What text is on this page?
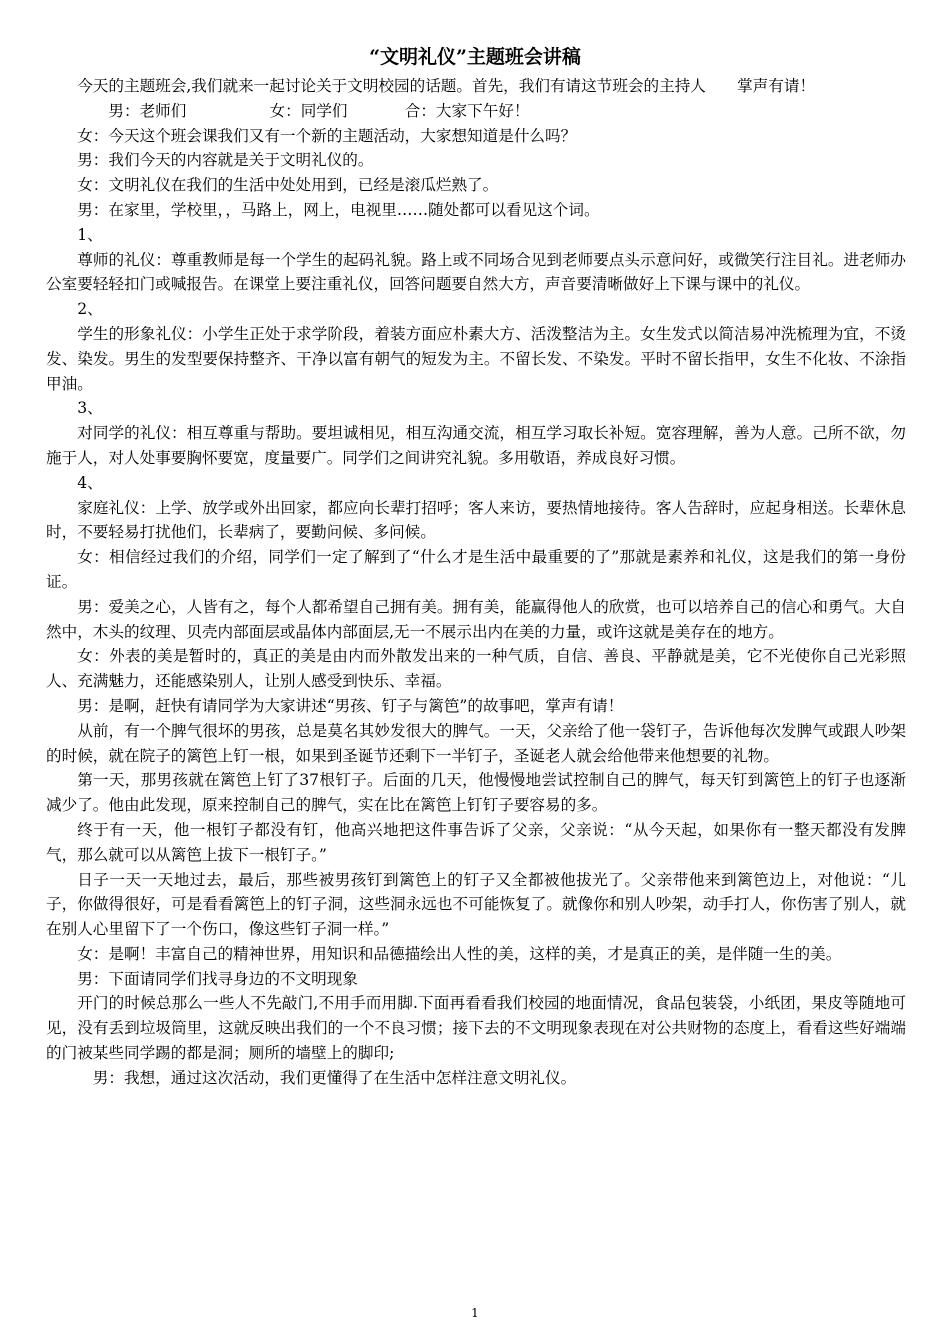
“文明礼仪”主题班会讲稿

今天的主题班会,我们就来一起讨论关于文明校园的话题。首先，我们有请这节班会的主持人　　掌声有请！

男：老师们	女：同学们	合：大家下午好！

女：今天这个班会课我们又有一个新的主题活动，大家想知道是什么吗？

男：我们今天的内容就是关于文明礼仪的。

女：文明礼仪在我们的生活中处处用到，已经是滚瓜烂熟了。

男：在家里，学校里，，马路上，网上，电视里……随处都可以看见这个词。

1、

尊师的礼仪：尊重教师是每一个学生的起码礼貌。路上或不同场合见到老师要点头示意问好，或微笑行注目礼。进老师办公室要轻轻扣门或喊报告。在课堂上要注重礼仪，回答问题要自然大方，声音要清晰做好上下课与课中的礼仪。

2、

学生的形象礼仪：小学生正处于求学阶段，着装方面应朴素大方、活泼整洁为主。女生发式以简洁易冲洗梳理为宜，不烫发、染发。男生的发型要保持整齐、干净以富有朝气的短发为主。不留长发、不染发。平时不留长指甲，女生不化妆、不涂指甲油。

3、

对同学的礼仪：相互尊重与帮助。要坦诚相见，相互沟通交流，相互学习取长补短。宽容理解，善为人意。己所不欲，勿施于人，对人处事要胸怀要宽，度量要广。同学们之间讲究礼貌。多用敬语，养成良好习惯。

4、

家庭礼仪：上学、放学或外出回家，都应向长辈打招呼；客人来访，要热情地接待。客人告辞时，应起身相送。长辈休息时，不要轻易打扰他们，长辈病了，要勤问候、多问候。

女：相信经过我们的介绍，同学们一定了解到了“什么才是生活中最重要的了”那就是素养和礼仪，这是我们的第一身份证。

男：爱美之心，人皆有之，每个人都希望自己拥有美。拥有美，能赢得他人的欣赏，也可以培养自己的信心和勇气。大自然中，木头的纹理、贝壳内部面层或晶体内部面层,无一不展示出内在美的力量，或许这就是美存在的地方。

女：外表的美是暂时的，真正的美是由内而外散发出来的一种气质，自信、善良、平静就是美，它不光使你自己光彩照人、充满魅力，还能感染别人，让别人感受到快乐、幸福。

男：是啊，赶快有请同学为大家讲述“男孩、钉子与篱笆”的故事吧，掌声有请！

从前，有一个脾气很坏的男孩，总是莫名其妙发很大的脾气。一天，父亲给了他一袋钉子，告诉他每次发脾气或跟人吵架的时候，就在院子的篱笆上钉一根，如果到圣诞节还剩下一半钉子，圣诞老人就会给他带来他想要的礼物。

第一天，那男孩就在篱笆上钉了37根钉子。后面的几天，他慢慢地尝试控制自己的脾气，每天钉到篱笆上的钉子也逐渐减少了。他由此发现，原来控制自己的脾气，实在比在篱笆上钉钉子要容易的多。

终于有一天，他一根钉子都没有钉，他高兴地把这件事告诉了父亲，父亲说：“从今天起，如果你有一整天都没有发脾气，那么就可以从篱笆上拔下一根钉子。”

日子一天一天地过去，最后，那些被男孩钉到篱笆上的钉子又全都被他拔光了。父亲带他来到篱笆边上，对他说：“儿子，你做得很好，可是看看篱笆上的钉子洞，这些洞永远也不可能恢复了。就像你和别人吵架，动手打人，你伤害了别人，就在别人心里留下了一个伤口，像这些钉子洞一样。”

女：是啊！丰富自己的精神世界，用知识和品德描绘出人性的美，这样的美，才是真正的美，是伴随一生的美。

男：下面请同学们找寻身边的不文明现象

开门的时候总那么一些人不先敲门,不用手而用脚.下面再看看我们校园的地面情况，食品包装袋，小纸团，果皮等随地可见，没有丢到垃圾筒里，这就反映出我们的一个不良习惯；接下去的不文明现象表现在对公共财物的态度上，看看这些好端端的门被某些同学踢的都是洞；厕所的墙壁上的脚印;

男：我想，通过这次活动，我们更懂得了在生活中怎样注意文明礼仪。

1
